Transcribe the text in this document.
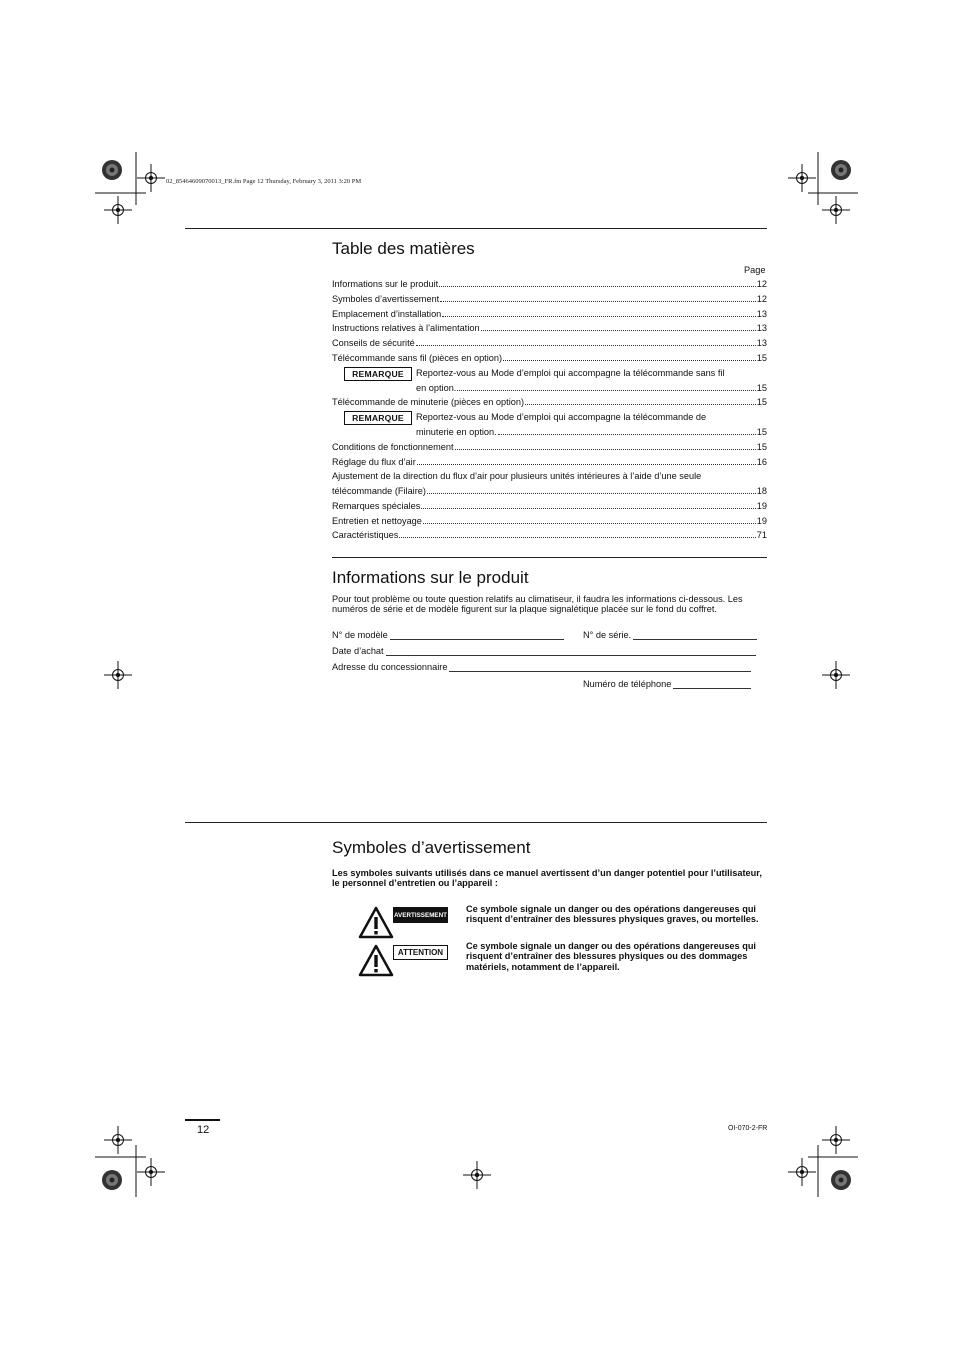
02_85464609070013_FR.fm Page 12 Thursday, February 3, 2011 3:20 PM
Table des matières
Page
Informations sur le produit	12
Symboles d’avertissement	12
Emplacement d’installation	13
Instructions relatives à l’alimentation	13
Conseils de sécurité	13
Télécommande sans fil (pièces en option)	15
REMARQUE	Reportez-vous au Mode d’emploi qui accompagne la télécommande sans fil
en option.	15
Télécommande de minuterie (pièces en option)	15
REMARQUE	Reportez-vous au Mode d’emploi qui accompagne la télécommande de
minuterie en option.	15
Conditions de fonctionnement	15
Réglage du flux d’air	16
Ajustement de la direction du flux d’air pour plusieurs unités intérieures à l’aide d’une seule
télécommande (Filaire)	18
Remarques spéciales	19
Entretien et nettoyage	19
Caractéristiques	71
Informations sur le produit
Pour tout problème ou toute question relatifs au climatiseur, il faudra les informations ci-dessous. Les numéros de série et de modèle figurent sur la plaque signalétique placée sur le fond du coffret.
N° de modèle	N° de série.
Date d’achat
Adresse du concessionnaire
Numéro de téléphone
Symboles d’avertissement
Les symboles suivants utilisés dans ce manuel avertissent d’un danger potentiel pour l’utilisateur, le personnel d’entretien ou l’appareil :
AVERTISSEMENT
Ce symbole signale un danger ou des opérations dangereuses qui risquent d’entraîner des blessures physiques graves, ou mortelles.
ATTENTION
Ce symbole signale un danger ou des opérations dangereuses qui risquent d’entraîner des blessures physiques ou des dommages matériels, notamment de l’appareil.
12	OI-070-2-FR
